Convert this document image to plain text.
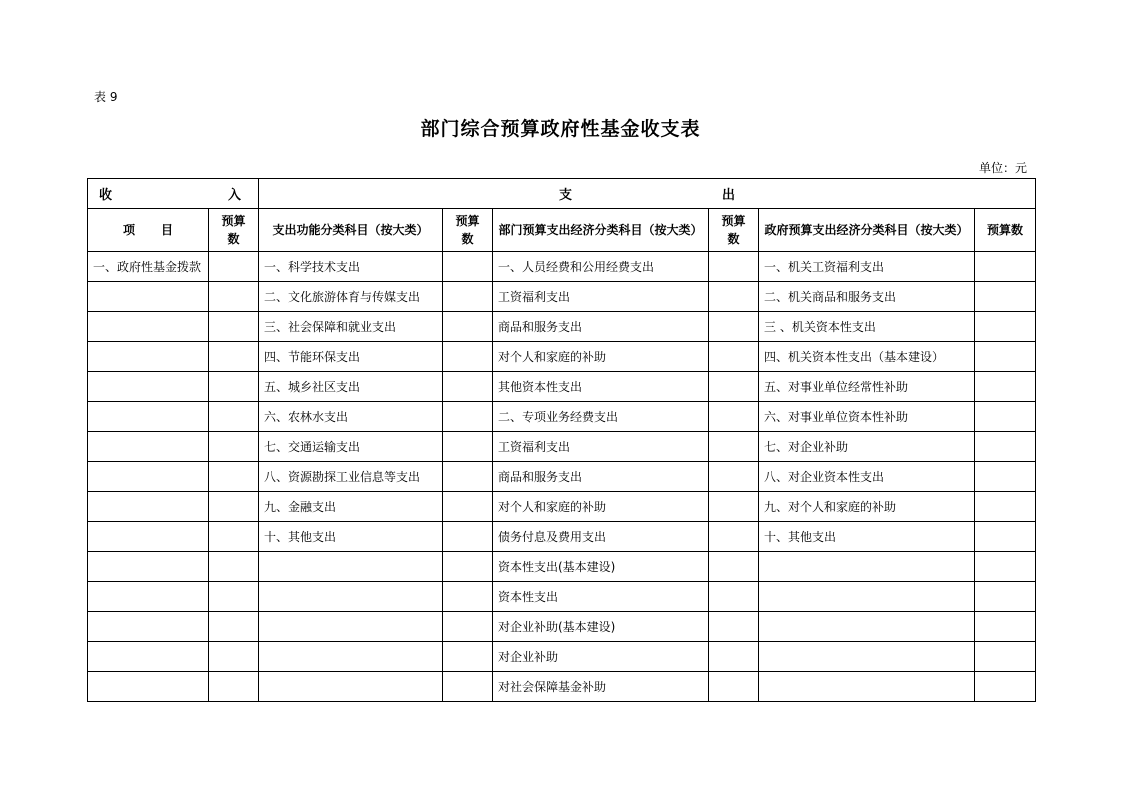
表 9
部门综合预算政府性基金收支表
单位：元
收 入		支 出					

项目	预算数	支出功能分类科目（按大类）	预算数	部门预算支出经济分类科目（按大类）	预算数	政府预算支出经济分类科目（按大类）	预算数
一、政府性基金拨款		一、科学技术支出		一、人员经费和公用经费支出		一、机关工资福利支出	
		二、文化旅游体育与传媒支出		工资福利支出		二、机关商品和服务支出	
		三、社会保障和就业支出		商品和服务支出		三 、机关资本性支出	
		四、节能环保支出		对个人和家庭的补助		四、机关资本性支出（基本建设）	
		五、城乡社区支出		其他资本性支出		五、对事业单位经常性补助	
		六、农林水支出		二、专项业务经费支出		六、对事业单位资本性补助	
		七、交通运输支出		工资福利支出		七、对企业补助	
		八、资源勘探工业信息等支出		商品和服务支出		八、对企业资本性支出	
		九、金融支出		对个人和家庭的补助		九、对个人和家庭的补助	
		十、其他支出		债务付息及费用支出		十、其他支出	
				资本性支出(基本建设)			
				资本性支出			
				对企业补助(基本建设)			
				对企业补助			
				对社会保障基金补助			
